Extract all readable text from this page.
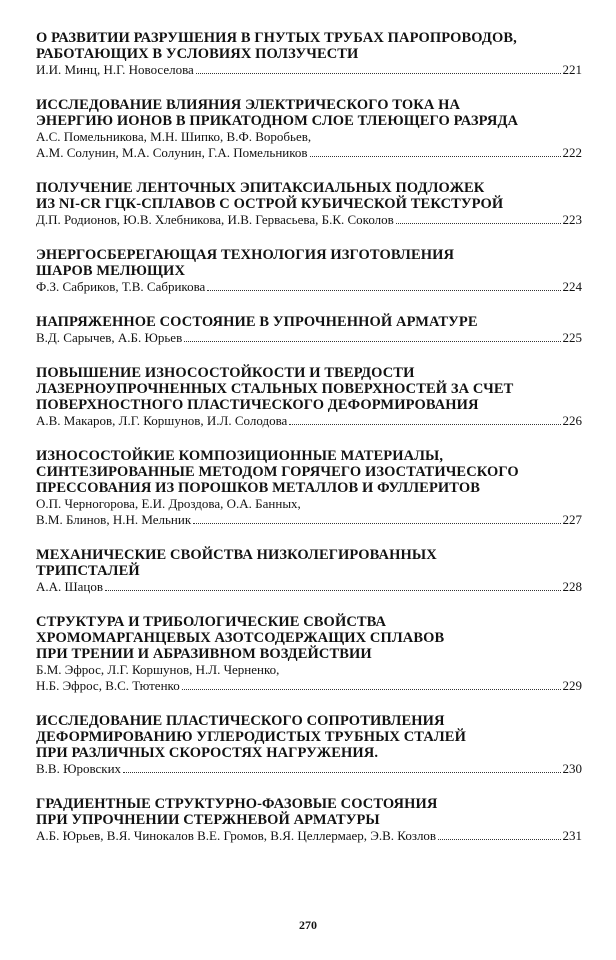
О РАЗВИТИИ РАЗРУШЕНИЯ В ГНУТЫХ ТРУБАХ ПАРОПРОВОДОВ,
РАБОТАЮЩИХ В УСЛОВИЯХ ПОЛЗУЧЕСТИ
И.И. Минц, Н.Г. Новоселова	221
ИССЛЕДОВАНИЕ ВЛИЯНИЯ ЭЛЕКТРИЧЕСКОГО ТОКА НА
ЭНЕРГИЮ ИОНОВ В ПРИКАТОДНОМ СЛОЕ ТЛЕЮЩЕГО РАЗРЯДА
А.С. Помельникова, М.Н. Шипко, В.Ф. Воробьев,
А.М. Солунин, М.А. Солунин, Г.А. Помельников	222
ПОЛУЧЕНИЕ ЛЕНТОЧНЫХ ЭПИТАКСИАЛЬНЫХ ПОДЛОЖЕК
ИЗ NI-CR ГЦК-СПЛАВОВ С ОСТРОЙ КУБИЧЕСКОЙ ТЕКСТУРОЙ
Д.П. Родионов, Ю.В. Хлебникова, И.В. Гервасьева, Б.К. Соколов	223
ЭНЕРГОСБЕРЕГАЮЩАЯ ТЕХНОЛОГИЯ ИЗГОТОВЛЕНИЯ
ШАРОВ МЕЛЮЩИХ
Ф.З. Сабриков, Т.В. Сабрикова	224
НАПРЯЖЕННОЕ СОСТОЯНИЕ В УПРОЧНЕННОЙ АРМАТУРЕ
В.Д. Сарычев, А.Б. Юрьев	225
ПОВЫШЕНИЕ ИЗНОСОСТОЙКОСТИ И ТВЕРДОСТИ
ЛАЗЕРНОУПРОЧНЕННЫХ СТАЛЬНЫХ ПОВЕРХНОСТЕЙ ЗА СЧЕТ
ПОВЕРХНОСТНОГО ПЛАСТИЧЕСКОГО ДЕФОРМИРОВАНИЯ
А.В. Макаров, Л.Г. Коршунов, И.Л. Солодова	226
ИЗНОСОСТОЙКИЕ КОМПОЗИЦИОННЫЕ МАТЕРИАЛЫ,
СИНТЕЗИРОВАННЫЕ МЕТОДОМ ГОРЯЧЕГО ИЗОСТАТИЧЕСКОГО
ПРЕССОВАНИЯ ИЗ ПОРОШКОВ МЕТАЛЛОВ И ФУЛЛЕРИТОВ
О.П. Черногорова, Е.И. Дроздова, О.А. Банных,
В.М. Блинов, Н.Н. Мельник	227
МЕХАНИЧЕСКИЕ СВОЙСТВА НИЗКОЛЕГИРОВАННЫХ
ТРИПСТАЛЕЙ
А.А. Шацов	228
СТРУКТУРА И ТРИБОЛОГИЧЕСКИЕ СВОЙСТВА
ХРОМОМАРГАНЦЕВЫХ АЗОТСОДЕРЖАЩИХ СПЛАВОВ
ПРИ ТРЕНИИ И АБРАЗИВНОМ ВОЗДЕЙСТВИИ
Б.М. Эфрос, Л.Г. Коршунов, Н.Л. Черненко,
Н.Б. Эфрос, В.С. Тютенко	229
ИССЛЕДОВАНИЕ ПЛАСТИЧЕСКОГО СОПРОТИВЛЕНИЯ
ДЕФОРМИРОВАНИЮ УГЛЕРОДИСТЫХ ТРУБНЫХ СТАЛЕЙ
ПРИ РАЗЛИЧНЫХ СКОРОСТЯХ НАГРУЖЕНИЯ.
В.В. Юровских	230
ГРАДИЕНТНЫЕ СТРУКТУРНО-ФАЗОВЫЕ СОСТОЯНИЯ
ПРИ УПРОЧНЕНИИ СТЕРЖНЕВОЙ АРМАТУРЫ
А.Б. Юрьев, В.Я. Чинокалов В.Е. Громов, В.Я. Целлермаер, Э.В. Козлов	231
270
